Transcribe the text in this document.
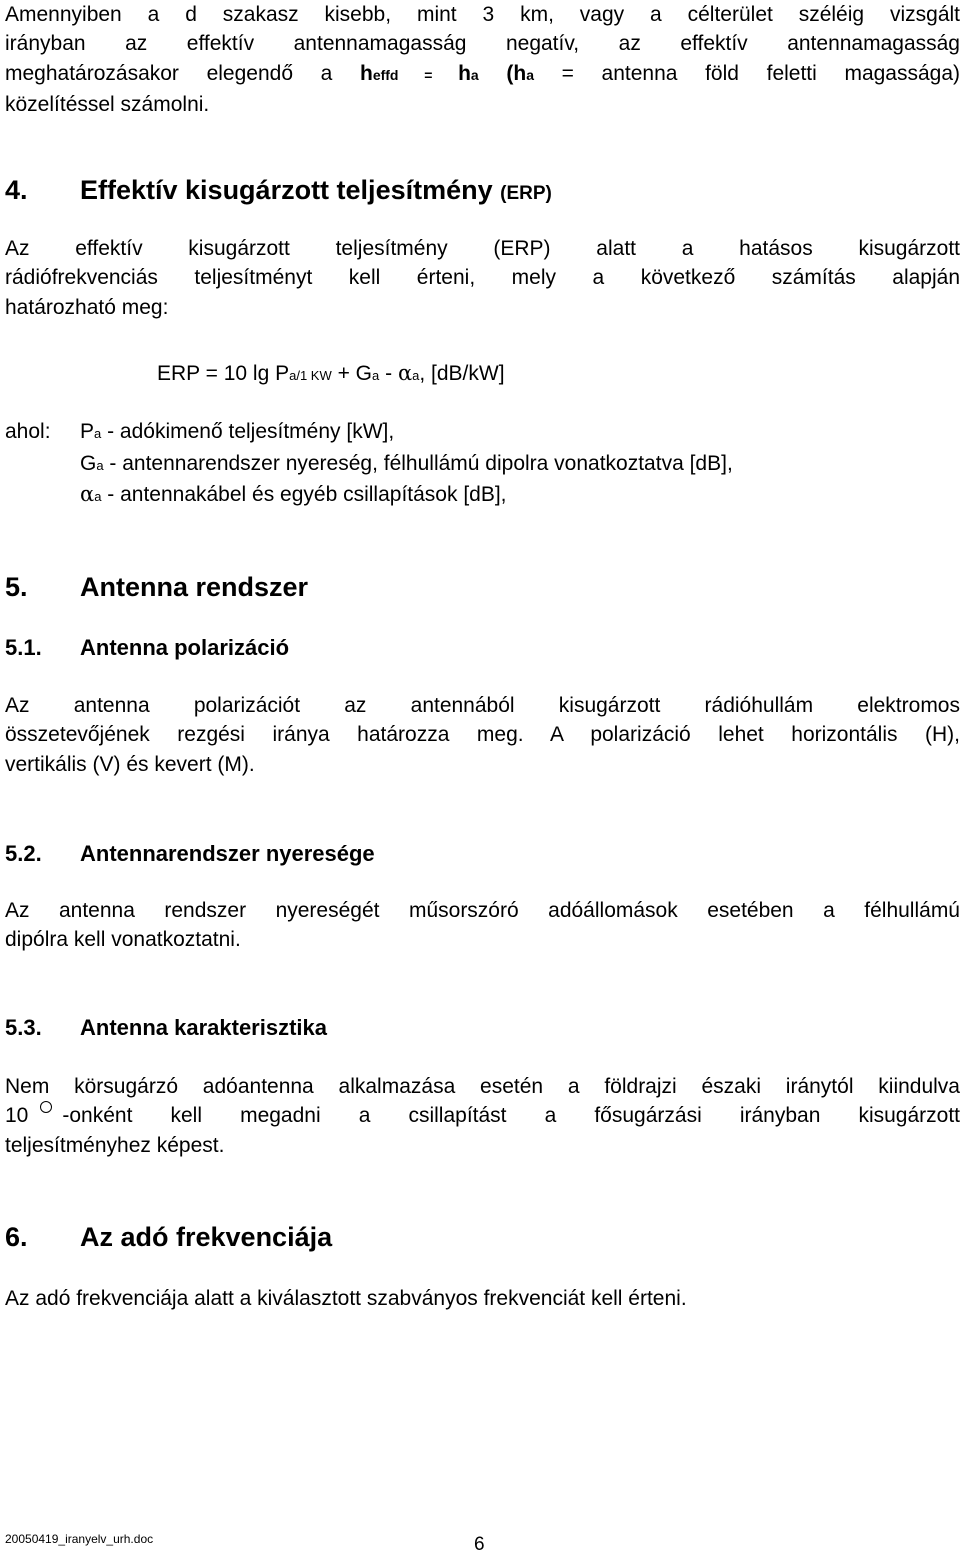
Amennyiben a d szakasz kisebb, mint 3 km, vagy a célterület széléig vizsgált
irányban az effektív antennamagasság negatív, az effektív antennamagasság
meghatározásakor elegendő a heffd = ha (ha = antenna föld feletti magassága)
közelítéssel számolni.
4. Effektív kisugárzott teljesítmény (ERP)
Az effektív kisugárzott teljesítmény (ERP) alatt a hatásos kisugárzott
rádiófrekvenciás teljesítményt kell érteni, mely a következő számítás alapján
határozható meg:
ERP = 10 lg Pa/1 KW + Ga - αa, [dB/kW]
ahol: Pa - adókimenő teljesítmény [kW],
Ga - antennarendszer nyereség, félhullámú dipolra vonatkoztatva [dB],
αa - antennakábel és egyéb csillapítások [dB],
5. Antenna rendszer
5.1. Antenna polarizáció
Az antenna polarizációt az antennából kisugárzott rádióhullám elektromos
összetevőjének rezgési iránya határozza meg. A polarizáció lehet horizontális (H),
vertikális (V) és kevert (M).
5.2. Antennarendszer nyeresége
Az antenna rendszer nyereségét műsorszóró adóállomások esetében a félhullámú
dipólra kell vonatkoztatni.
5.3. Antenna karakterisztika
Nem körsugárzó adóantenna alkalmazása esetén a földrajzi északi iránytól kiindulva
10 -onként kell megadni a csillapítást a fősugárzási irányban kisugárzott
teljesítményhez képest.
6. Az adó frekvenciája
Az adó frekvenciája alatt a kiválasztott szabványos frekvenciát kell érteni.
20050419_iranyelv_urh.doc	6
